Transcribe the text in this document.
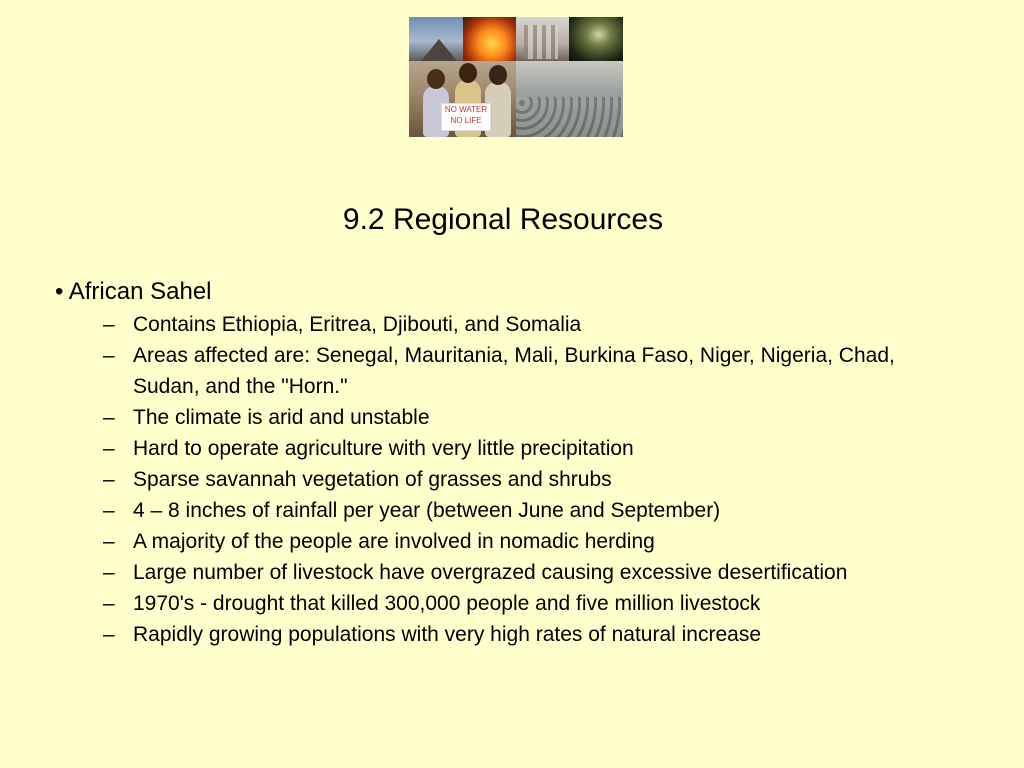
NO WATER
NO LIFE
9.2 Regional Resources
• African Sahel
– Contains Ethiopia, Eritrea, Djibouti, and Somalia
– Areas affected are: Senegal, Mauritania, Mali, Burkina Faso, Niger, Nigeria, Chad, Sudan, and the "Horn."
– The climate is arid and unstable
– Hard to operate agriculture with very little precipitation
– Sparse savannah vegetation of grasses and shrubs
– 4 – 8 inches of rainfall per year (between June and September)
– A majority of the people are involved in nomadic herding
– Large number of livestock have overgrazed causing excessive desertification
– 1970's - drought that killed 300,000 people and five million livestock
– Rapidly growing populations with very high rates of natural increase
